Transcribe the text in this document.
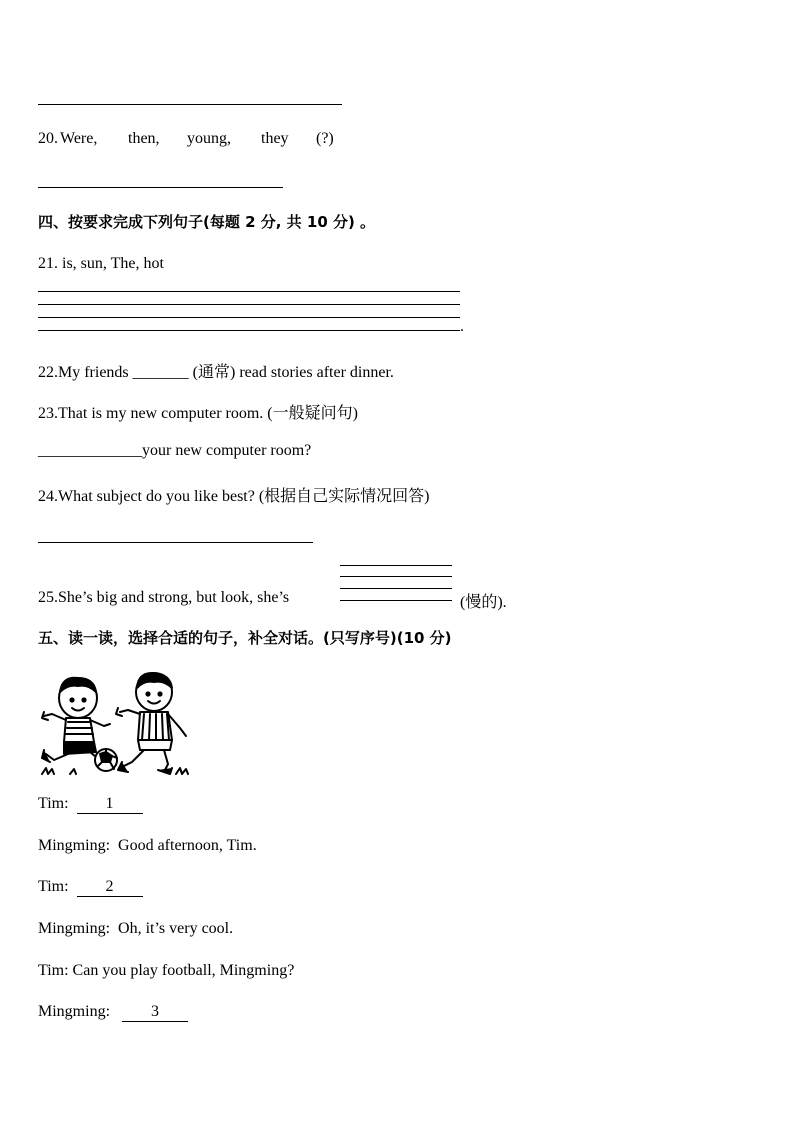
20. Were, then, young, they (?)
四、按要求完成下列句子(每题 2 分, 共 10 分) 。
21. is, sun, The, hot
.
22.My friends _______ (通常) read stories after dinner.
23.That is my new computer room. (一般疑问句)
_____________your new computer room?
24.What subject do you like best? (根据自己实际情况回答)
25.She’s big and strong, but look, she’s	(慢的).
五、读一读，选择合适的句子，补全对话。(只写序号)(10 分)
Tim: 1
Mingming: Good afternoon, Tim.
Tim: 2
Mingming: Oh, it’s very cool.
Tim: Can you play football, Mingming?
Mingming:	3
